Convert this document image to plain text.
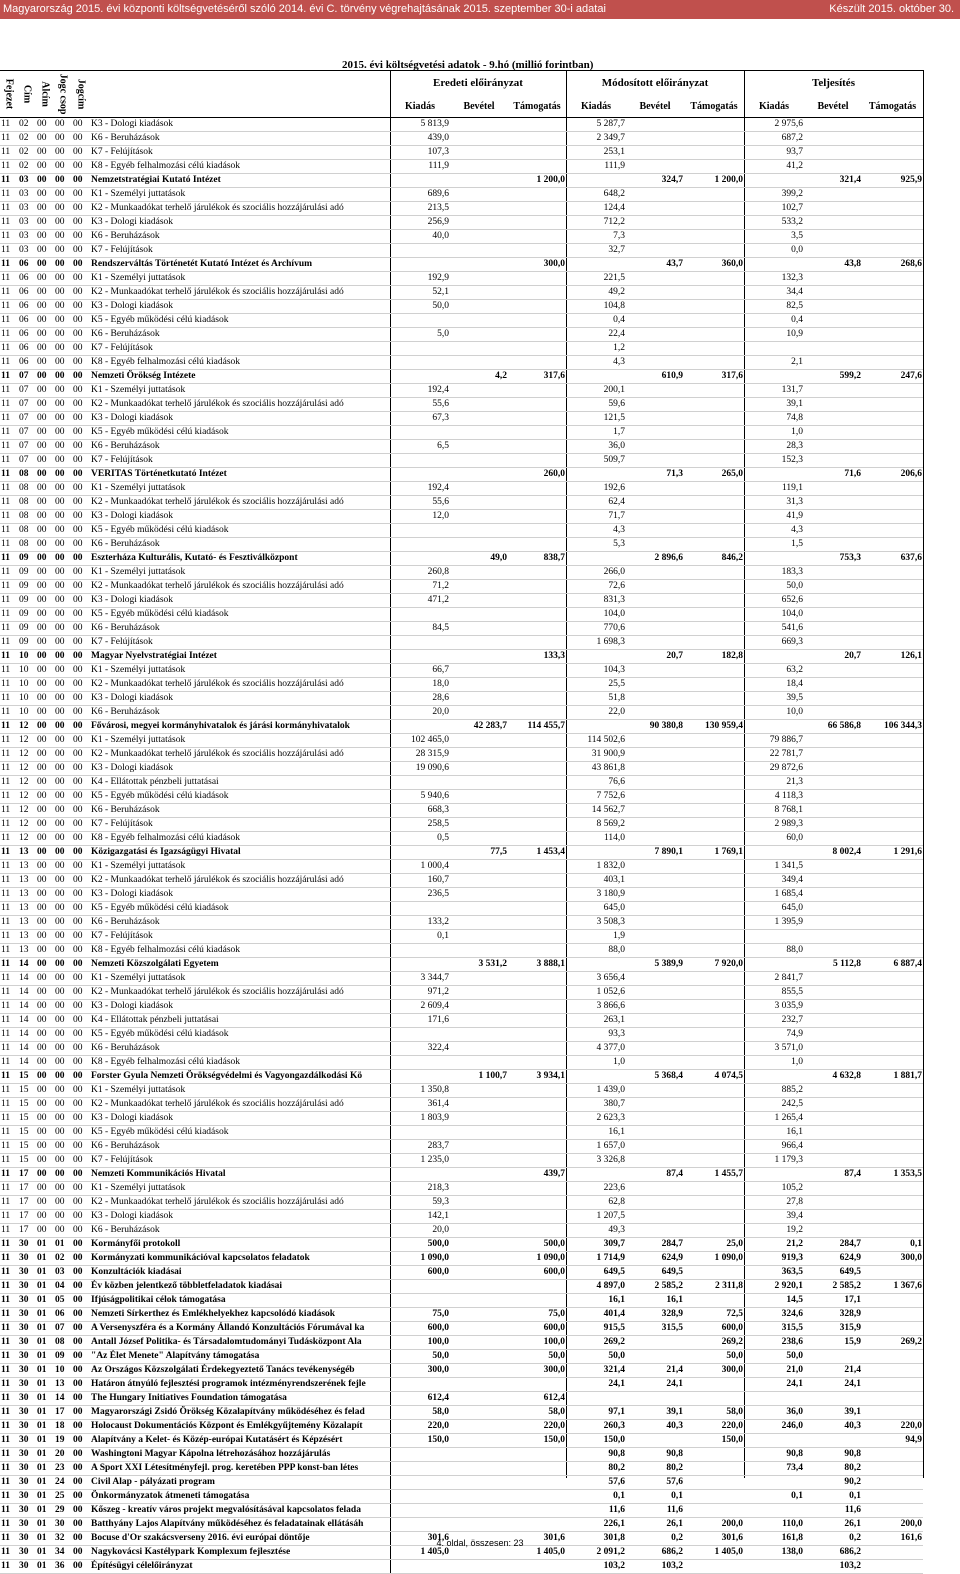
Magyarország 2015. évi központi költségvetéséről szóló 2014. évi C. törvény végrehajtásának 2015. szeptember 30-i adatai	Készült 2015. október 30.
2015. évi költségvetési adatok - 9.hó (millió forintban)
Fejezet Cím Alcím Jogc csop Jogcím	Eredeti előirányzat	Módosított előirányzat	Teljesítés
Kiadás	Bevétel	Támogatás	Kiadás	Bevétel	Támogatás	Kiadás	Bevétel	Támogatás
11	02	00	00	00	K3 - Dologi kiadások	5 813,9			5 287,7			2 975,6		
11	02	00	00	00	K6 - Beruházások	439,0			2 349,7			687,2		
11	02	00	00	00	K7 - Felújítások	107,3			253,1			93,7		
11	02	00	00	00	K8 - Egyéb felhalmozási célú kiadások	111,9			111,9			41,2		
11	03	00	00	00	Nemzetstratégiai Kutató Intézet			1 200,0		324,7	1 200,0		321,4	925,9
11	03	00	00	00	K1 - Személyi juttatások	689,6			648,2			399,2		
11	03	00	00	00	K2 - Munkaadókat terhelő járulékok és szociális hozzájárulási adó	213,5			124,4			102,7		
11	03	00	00	00	K3 - Dologi kiadások	256,9			712,2			533,2		
11	03	00	00	00	K6 - Beruházások	40,0			7,3			3,5		
11	03	00	00	00	K7 - Felújítások				32,7			0,0		
11	06	00	00	00	Rendszerváltás Történetét Kutató Intézet és Archívum			300,0		43,7	360,0		43,8	268,6
11	06	00	00	00	K1 - Személyi juttatások	192,9			221,5			132,3		
11	06	00	00	00	K2 - Munkaadókat terhelő járulékok és szociális hozzájárulási adó	52,1			49,2			34,4		
11	06	00	00	00	K3 - Dologi kiadások	50,0			104,8			82,5		
11	06	00	00	00	K5 - Egyéb működési célú kiadások				0,4			0,4		
11	06	00	00	00	K6 - Beruházások	5,0			22,4			10,9		
11	06	00	00	00	K7 - Felújítások				1,2					
11	06	00	00	00	K8 - Egyéb felhalmozási célú kiadások				4,3			2,1		
11	07	00	00	00	Nemzeti Örökség Intézete		4,2	317,6		610,9	317,6		599,2	247,6
11	07	00	00	00	K1 - Személyi juttatások	192,4			200,1			131,7		
11	07	00	00	00	K2 - Munkaadókat terhelő járulékok és szociális hozzájárulási adó	55,6			59,6			39,1		
11	07	00	00	00	K3 - Dologi kiadások	67,3			121,5			74,8		
11	07	00	00	00	K5 - Egyéb működési célú kiadások				1,7			1,0		
11	07	00	00	00	K6 - Beruházások	6,5			36,0			28,3		
11	07	00	00	00	K7 - Felújítások				509,7			152,3		
11	08	00	00	00	VERITAS Történetkutató Intézet			260,0		71,3	265,0		71,6	206,6
11	08	00	00	00	K1 - Személyi juttatások	192,4			192,6			119,1		
11	08	00	00	00	K2 - Munkaadókat terhelő járulékok és szociális hozzájárulási adó	55,6			62,4			31,3		
11	08	00	00	00	K3 - Dologi kiadások	12,0			71,7			41,9		
11	08	00	00	00	K5 - Egyéb működési célú kiadások				4,3			4,3		
11	08	00	00	00	K6 - Beruházások				5,3			1,5		
11	09	00	00	00	Eszterháza Kulturális, Kutató- és Fesztiválközpont		49,0	838,7		2 896,6	846,2		753,3	637,6
11	09	00	00	00	K1 - Személyi juttatások	260,8			266,0			183,3		
11	09	00	00	00	K2 - Munkaadókat terhelő járulékok és szociális hozzájárulási adó	71,2			72,6			50,0		
11	09	00	00	00	K3 - Dologi kiadások	471,2			831,3			652,6		
11	09	00	00	00	K5 - Egyéb működési célú kiadások				104,0			104,0		
11	09	00	00	00	K6 - Beruházások	84,5			770,6			541,6		
11	09	00	00	00	K7 - Felújítások				1 698,3			669,3		
11	10	00	00	00	Magyar Nyelvstratégiai Intézet			133,3		20,7	182,8		20,7	126,1
11	10	00	00	00	K1 - Személyi juttatások	66,7			104,3			63,2		
11	10	00	00	00	K2 - Munkaadókat terhelő járulékok és szociális hozzájárulási adó	18,0			25,5			18,4		
11	10	00	00	00	K3 - Dologi kiadások	28,6			51,8			39,5		
11	10	00	00	00	K6 - Beruházások	20,0			22,0			10,0		
11	12	00	00	00	Fővárosi, megyei kormányhivatalok és járási kormányhivatalok		42 283,7	114 455,7		90 380,8	130 959,4		66 586,8	106 344,3
11	12	00	00	00	K1 - Személyi juttatások	102 465,0			114 502,6			79 886,7		
11	12	00	00	00	K2 - Munkaadókat terhelő járulékok és szociális hozzájárulási adó	28 315,9			31 900,9			22 781,7		
11	12	00	00	00	K3 - Dologi kiadások	19 090,6			43 861,8			29 872,6		
11	12	00	00	00	K4 - Ellátottak pénzbeli juttatásai				76,6			21,3		
11	12	00	00	00	K5 - Egyéb működési célú kiadások	5 940,6			7 752,6			4 118,3		
11	12	00	00	00	K6 - Beruházások	668,3			14 562,7			8 768,1		
11	12	00	00	00	K7 - Felújítások	258,5			8 569,2			2 989,3		
11	12	00	00	00	K8 - Egyéb felhalmozási célú kiadások	0,5			114,0			60,0		
11	13	00	00	00	Közigazgatási és Igazságügyi Hivatal		77,5	1 453,4		7 890,1	1 769,1		8 002,4	1 291,6
11	13	00	00	00	K1 - Személyi juttatások	1 000,4			1 832,0			1 341,5		
11	13	00	00	00	K2 - Munkaadókat terhelő járulékok és szociális hozzájárulási adó	160,7			403,1			349,4		
11	13	00	00	00	K3 - Dologi kiadások	236,5			3 180,9			1 685,4		
11	13	00	00	00	K5 - Egyéb működési célú kiadások				645,0			645,0		
11	13	00	00	00	K6 - Beruházások	133,2			3 508,3			1 395,9		
11	13	00	00	00	K7 - Felújítások	0,1			1,9					
11	13	00	00	00	K8 - Egyéb felhalmozási célú kiadások				88,0			88,0		
11	14	00	00	00	Nemzeti Közszolgálati Egyetem		3 531,2	3 888,1		5 389,9	7 920,0		5 112,8	6 887,4
11	14	00	00	00	K1 - Személyi juttatások	3 344,7			3 656,4			2 841,7		
11	14	00	00	00	K2 - Munkaadókat terhelő járulékok és szociális hozzájárulási adó	971,2			1 052,6			855,5		
11	14	00	00	00	K3 - Dologi kiadások	2 609,4			3 866,6			3 035,9		
11	14	00	00	00	K4 - Ellátottak pénzbeli juttatásai	171,6			263,1			232,7		
11	14	00	00	00	K5 - Egyéb működési célú kiadások				93,3			74,9		
11	14	00	00	00	K6 - Beruházások	322,4			4 377,0			3 571,0		
11	14	00	00	00	K8 - Egyéb felhalmozási célú kiadások				1,0			1,0		
11	15	00	00	00	Forster Gyula Nemzeti Örökségvédelmi és Vagyongazdálkodási Kö		1 100,7	3 934,1		5 368,4	4 074,5		4 632,8	1 881,7
11	15	00	00	00	K1 - Személyi juttatások	1 350,8			1 439,0			885,2		
11	15	00	00	00	K2 - Munkaadókat terhelő járulékok és szociális hozzájárulási adó	361,4			380,7			242,5		
11	15	00	00	00	K3 - Dologi kiadások	1 803,9			2 623,3			1 265,4		
11	15	00	00	00	K5 - Egyéb működési célú kiadások				16,1			16,1		
11	15	00	00	00	K6 - Beruházások	283,7			1 657,0			966,4		
11	15	00	00	00	K7 - Felújítások	1 235,0			3 326,8			1 179,3		
11	17	00	00	00	Nemzeti Kommunikációs Hivatal			439,7		87,4	1 455,7		87,4	1 353,5
11	17	00	00	00	K1 - Személyi juttatások	218,3			223,6			105,2		
11	17	00	00	00	K2 - Munkaadókat terhelő járulékok és szociális hozzájárulási adó	59,3			62,8			27,8		
11	17	00	00	00	K3 - Dologi kiadások	142,1			1 207,5			39,4		
11	17	00	00	00	K6 - Beruházások	20,0			49,3			19,2		
11	30	01	01	00	Kormányfői protokoll	500,0		500,0	309,7	284,7	25,0	21,2	284,7	0,1
11	30	01	02	00	Kormányzati kommunikációval kapcsolatos feladatok	1 090,0		1 090,0	1 714,9	624,9	1 090,0	919,3	624,9	300,0
11	30	01	03	00	Konzultációk kiadásai	600,0		600,0	649,5	649,5		363,5	649,5	
11	30	01	04	00	Év közben jelentkező többletfeladatok kiadásai				4 897,0	2 585,2	2 311,8	2 920,1	2 585,2	1 367,6
11	30	01	05	00	Ifjúságpolitikai célok támogatása				16,1	16,1		14,5	17,1	
11	30	01	06	00	Nemzeti Sírkerthez és Emlékhelyekhez kapcsolódó kiadások	75,0		75,0	401,4	328,9	72,5	324,6	328,9	
11	30	01	07	00	A Versenyszféra és a Kormány Állandó Konzultációs Fórumával ka	600,0		600,0	915,5	315,5	600,0	315,5	315,9	
11	30	01	08	00	Antall József Politika- és Társadalomtudományi Tudásközpont Ala	100,0		100,0	269,2		269,2	238,6	15,9	269,2
11	30	01	09	00	"Az Élet Menete" Alapítvány támogatása	50,0		50,0	50,0		50,0	50,0		
11	30	01	10	00	Az Országos Közszolgálati Érdekegyeztető Tanács tevékenységéb	300,0		300,0	321,4	21,4	300,0	21,0	21,4	
11	30	01	13	00	Határon átnyúló fejlesztési programok intézményrendszerének fejle				24,1	24,1		24,1	24,1	
11	30	01	14	00	The Hungary Initiatives Foundation támogatása	612,4		612,4						
11	30	01	17	00	Magyarországi Zsidó Örökség Közalapítvány működéséhez és felad	58,0		58,0	97,1	39,1	58,0	36,0	39,1	
11	30	01	18	00	Holocaust Dokumentációs Központ és Emlékgyűjtemény Közalapít	220,0		220,0	260,3	40,3	220,0	246,0	40,3	220,0
11	30	01	19	00	Alapítvány a Kelet- és Közép-európai Kutatásért és Képzésért	150,0		150,0	150,0		150,0			94,9
11	30	01	20	00	Washingtoni Magyar Kápolna létrehozásához hozzájárulás				90,8	90,8		90,8	90,8	
11	30	01	23	00	A Sport XXI Létesítményfejl. prog. keretében PPP konst-ban létes				80,2	80,2		73,4	80,2	
11	30	01	24	00	Civil Alap - pályázati program				57,6	57,6			90,2	
11	30	01	25	00	Önkormányzatok átmeneti támogatása				0,1	0,1		0,1	0,1	
11	30	01	29	00	Kőszeg - kreatív város projekt megvalósításával kapcsolatos felada				11,6	11,6			11,6	
11	30	01	30	00	Batthyány Lajos Alapítvány működéséhez és feladatainak ellátásáh				226,1	26,1	200,0	110,0	26,1	200,0
11	30	01	32	00	Bocuse d'Or szakácsverseny 2016. évi európai döntője	301,6		301,6	301,8	0,2	301,6	161,8	0,2	161,6
11	30	01	34	00	Nagykovácsi Kastélypark Komplexum fejlesztése	1 405,0		1 405,0	2 091,2	686,2	1 405,0	138,0	686,2	
11	30	01	36	00	Építésügyi célelőirányzat				103,2	103,2			103,2	
4. oldal, összesen: 23
